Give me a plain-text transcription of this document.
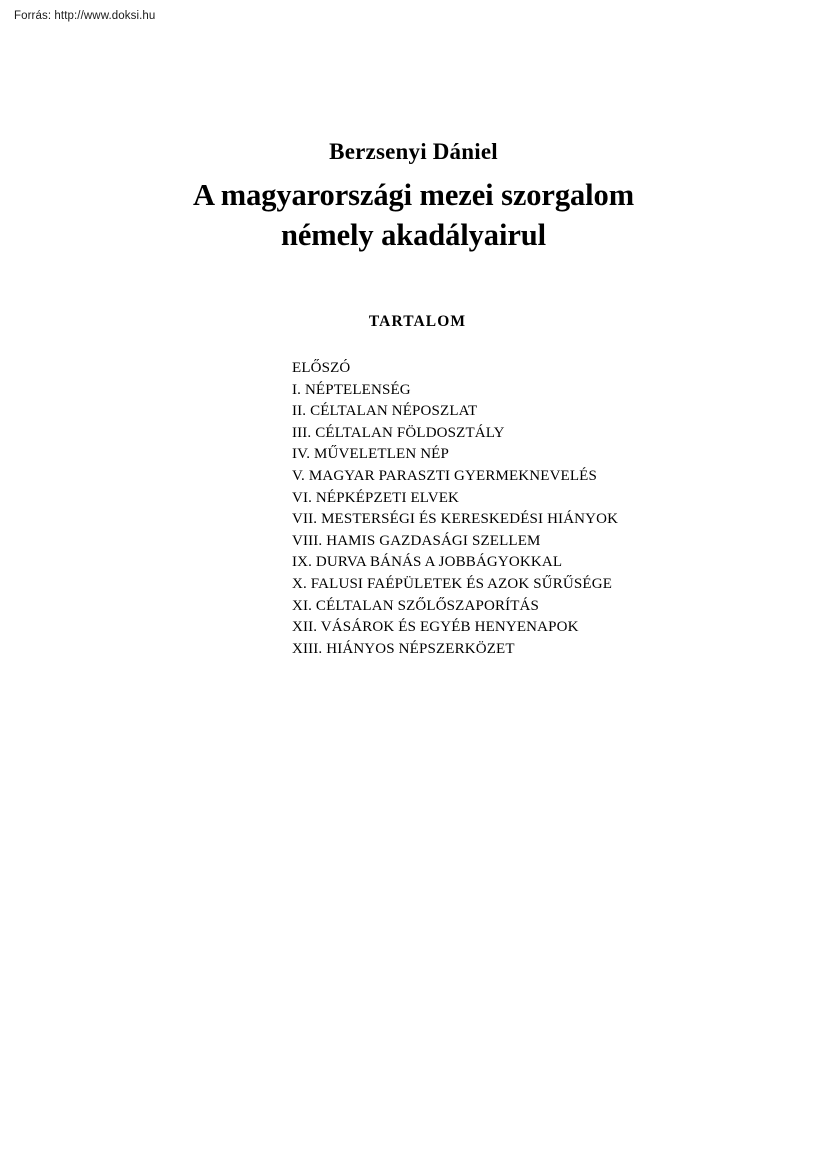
Forrás: http://www.doksi.hu
Berzsenyi Dániel
A magyarországi mezei szorgalom
némely akadályairul
TARTALOM
ELŐSZÓ
I. NÉPTELENSÉG
II. CÉLTALAN NÉPOSZLAT
III. CÉLTALAN FÖLDOSZTÁLY
IV. MŰVELETLEN NÉP
V. MAGYAR PARASZTI GYERMEKNEVELÉS
VI. NÉPKÉPZETI ELVEK
VII. MESTERSÉGI ÉS KERESKEDÉSI HIÁNYOK
VIII. HAMIS GAZDASÁGI SZELLEM
IX. DURVA BÁNÁS A JOBBÁGYOKKAL
X. FALUSI FAÉPÜLETEK ÉS AZOK SŰRŰSÉGE
XI. CÉLTALAN SZŐLŐSZAPORÍTÁS
XII. VÁSÁROK ÉS EGYÉB HENYENAPOK
XIII. HIÁNYOS NÉPSZERKÖZET
